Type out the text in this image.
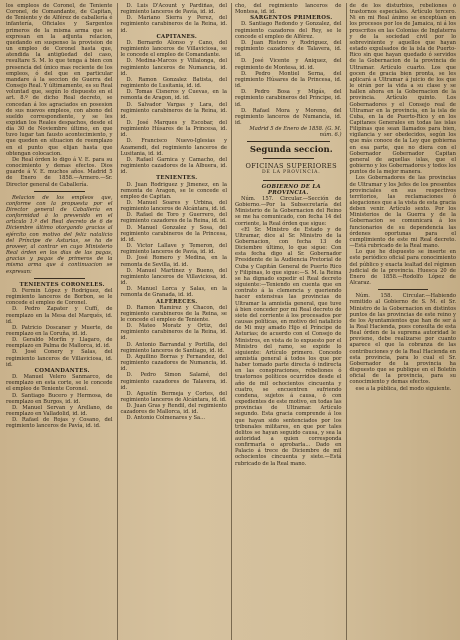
los empleos de Coronel, de Teniente Coronel, de Comandante, de Capitan, de Teniente y de Alférez de caballería é infantería, Oficiales y Sargentos primeros de la misma arma que se expresan en la adjunta relacion, quedando en suspenso la provision de un empleo de Coronel hasta que, atendida la antigüedad del caso, resultare S. M. lo que tenga á bien con presencia del único mas reciente de los empleos, ó del que en particular mandare á la seccion de Guerra del Consejo Real. Y últimamente, es su Real voluntad que, según lo dispuesto en el art. 8.º de dicho Real decreto, se concedan á los agraciados en posesion de sus nuevos empleos, con abono del sueldo correspondiente, y se les expidan los Reales despachos, desde el día 30 de Noviembre último, en que tuvo lugar tan fausto acontecimiento, y que queden en situacion de reemplazo en el punto que elijan hasta que obtengan colocacion.

De Real órden lo digo á V. E. para su conocimiento y demas efectos. Dios guarde á V. E. muchos años. Madrid 5 de Enero de 1858.—Armero.—Sr. Director general de Caballería.

Relacion de los empleos que, conforme con la propuesta por el Director general de Caballería en conformidad á lo prevenido en el artículo 1.º del Real decreto de 6 de Diciembre último otorgando gracias al ejército con motivo del feliz natalicio del Príncipe de Asturias, se ha de proveer, al contrar en cuyo Ministerio Real órden en los dias de las pagas, gracias y pagas de primeros de la misma arma que á continuacion se expresan:

TENIENTES CORONELES.

D. Fermin López y Rodriguez, del regimiento lanceros de Borbon, se le concede el empleo de Coronel.

D. Pedro Zapater y Cuffí, de reemplazo en la Mesa del Marqués, id. id.

D. Patricio Doscaner y Muerte, de reemplazo en la Coruña, id. id.

D. Geraldo Morfín y Llagaro, de reemplazo en Palma de Mallorca, id. id.

D. José Conery y Salas, del regimiento lanceros de Villaviciosa, id. id.

COMANDANTES.

D. Manuel Velero Sanmarco, de reemplazo en esta corte, se le concede el empleo de Teniente Coronel.

D. Santiago Bucero y Hermosa, de reemplazo en Burgos, id. id.

D. Manuel Servan y Arellano, de reemplazo en Valladolid, id. id.

D. Rafael de Rojas y Cosano, del regimiento lanceros de Pavía, id. id.

D. Luis D'Acount y Pardiñas, del regimiento lanceros de Pavía, id. id.

D. Mariano Sierra y Perez, del regimiento carabineros de la Reina, id. id.

CAPITANES.

D. Bernardo Alonso y Cano, del regimiento lanceros de Villaviciosa, se le concede el empleo de Comandante.

D. Medina-Marcos y Villalonga, del regimiento lanceros de Numancia, id. id.

D. Ramon Gonzalez Batista, del regimiento de Lusitania, id. id.

D. Tomas Cisneros y Cuevas, en la remonta de Aragon, id. id.

D. Salvador Vargas y Lara, del regimiento carabineros de la Reina, id. id.

D. José Marques y Escobar, del regimiento Húsares de la Princesa, id. id.

D. Francisco Nuevo-Iglesias y Azamendi, del regimiento lanceros de Lusitania, id. id.

D. Rafael Garnica y Camacho, del regimiento cazadores de la Albuera, id. id.

TENIENTES.

D. Juan Rodriguez y Jimenez, en la remonta de Aragon, se le concede el empleo de Capitan.

D. Manuel Soares y Urbina, del regimiento lanceros de Alcántara, id. id.

D. Rafael de Toro y Guerrero, del regimiento cazadores de la Reina, id. id.

D. Manuel Gonzalez y Sosa, del regimiento carabineros de la Princesa, id. id.

D. Victor Lallave y Temeron, del regimiento lanceros de Pavía, id. id.

D. José Romero y Medina, en la remonta de Sevilla, id. id.

D. Manuel Martínez y Bueno, del regimiento lanceros de Villaviciosa, id. id.

D. Manuel Lorca y Salas, en la remonta de Granada, id. id.

ALFÉRECES.

D. Ramon Ramirez y Chacon, del regimiento carabineros de la Reina, se le concede el empleo de Teniente.

D. Mateo Moratz y Ortiz, del regimiento carabineros de la Reina, id. id.

D. Antonio Barrandal y Portilla, del regimiento lanceros de Santiago, id. id.

D. Aquilino Borras y Fernandez, del regimiento cazadores de Numancia, id. id.

D. Pedro Simon Salamé, del regimiento cazadores de Talavera, id. id.

D. Agustín Bermeja y Cortes, del regimiento lanceros de Alcántara, id. id.

D. Juan Gras y Rendil, del regimiento cazadores de Mallorca, id. id.

D. Antonio Colmenares y Sa...

cho, del regimiento lanceros de Montesa, id. id.

SARGENTOS PRIMEROS.

D. Santiago Redondo y Gonzalez, del regimiento cazadores del Rey, se le concede el empleo de Alférez.

D. Juan Ristero y Rodriguez, del regimiento cazadores de Talavera, id. id.

D. José Vicente y Aniquez, del regimiento de Montesa, id. id.

D. Pedro Montiel Serna, del regimiento Húsares de la Princesa, id. id.

D. Pedro Bosa y Migás, del regimiento carabineros del Príncipe, id. id.

D. Rafael Mora y Moreno, del regimiento lanceros de Numancia, id. id.

Madrid 5 de Enero de 1858. (G. M. núm. 6.)

Segunda seccion.

OFICINAS SUPERIORES

DE LA PROVINCIA.

GOBIERNO DE LA PROVINCIA.

Núm. 157. Circular.—Sección de Gobierno.—Por la Subsecretaría del Ministerio de la Gobernacion del Reino se me ha comunicado, con fecha 14 del corriente, la Real órden que sigue:

«El Sr. Ministro de Estado y de Ultramar, dice al Sr. Ministro de la Gobernacion, con fecha 13 de Diciembre último, lo que sigue: Con esta fecha digo al Sr. Gobernador Presidente de la Audiencia Pretorial de Cuba y Capitán General de Puerto Rico y Filipinas, lo que sigue:—S. M. la Reina se ha dignado expedir el Real decreto siguiente:—Teniendo en cuenta que en contrato á la clemencia y queriendo hacer extensivas las provincias de Ultramar la amnistía general, que tuve á bien conceder por mi Real decreto de siete del corriente á los procesados por causas políticas, en motivo del natalicio de Mi muy amado Hijo el Príncipe de Asturias; de acuerdo con el Consejo de Ministros, en vista de lo expuesto por el Ministro del ramo, se expide lo siguiente: Artículo primero. Concedo amnistía general á todos los que por haber tomado parte directa ó indirecta en las conspiraciones, rebeliones ó trastornos políticos ocurridos desde el año de mil ochocientos cincuenta y cuatro, se encuentren sufriendo condena, sujetos á causa, ó con expedientes de este motivo, en todas las provincias de Ultramar. Artículo segundo. Esta gracia comprende á los que hayan sido sentenciados por los tribunales militares, en que por tales delitos se hayan seguido causa, y sea la autoridad a quien corresponda confirmarla o aprobarla... Dado en Palacio á trece de Diciembre de mil ochocientos cincuenta y siete.—Está rubricado de la Real mano.

de de los disturbios, rebeliones ó trastornos especiales. Artículo tercero. Ni en mi Real ánimo se exceptúan en los procesos por los de Jamaica, ni á los proscritos en las Colonias de Inglaterra y de la sociedad civil por lo sobreviniente y aquellos que hayan estado expulsados de la isla de Puerto-Rico sin que hayan quedado ó servidos de la Gobernacion de la provincia de Ultramar. Artículo cuarto. Los que gocen de gracia bien pronta, se les aplicará a Ultramar á juicio de los que le oirán por la vida a su clase y se hallen ahora en la Gobernacion de la provincia. Artículo quinto. Los Gobernadores y el Consejo real de Ultramar en la provincia, en la isla de Cuba, en la de Puerto-Rico y en los Capitanes Generales en todas las islas Filipinas que sean llamados para bien, vigilancia y ser obedecidos, según los que más conoce de la Ley que gobierna en esa parte, que no diera con el Gobernador Gobernador Capitan general de aquellas islas, que el gobierno y los Gobernadores y todos los puntos de la mejor manera.

Los Gobernadores de las provincias de Ultramar y los Jefes de los presentes provinciales en sus respectivos territorios, las reclamaciones ó alegaciones que a la vista de esta gracia deben venir. Artículo sexto. Por los Ministerios de la Guerra y de la Gobernacion se comunicará á los funcionarios de su dependencia las órdenes oportunas para el cumplimiento de este mi Real decreto.—Está rubricado de la Real mano.

Lo que he dispuesto se inserte en este periódico oficial para conocimiento del público y exacta lealtad del régimen judicial de la provincia. Huesca 20 de Enero de 1858.—Rodolfo López de Alcaraz.

Núm. 158. Circular.—Habiendo remitido al Gobierno de S. M. el Sr. Ministro de la Gobernacion en distintos puntos de las provincias de este reino y de los Ayuntamientos que han de ser á la Real Hacienda, pues consulta de esta Real órden de la suprema autoridad le previene, debe realizarse por cuanto aparece el que la cobranza de las contribuciones y de la Real Hacienda en esta provincia, para lo cual el Sr. Gobernador de la provincia ha dispuesto que se publique en el Boletín oficial de la provincia, para su conocimiento y demas efectos.

ese a la pública, del modo siguiente.
